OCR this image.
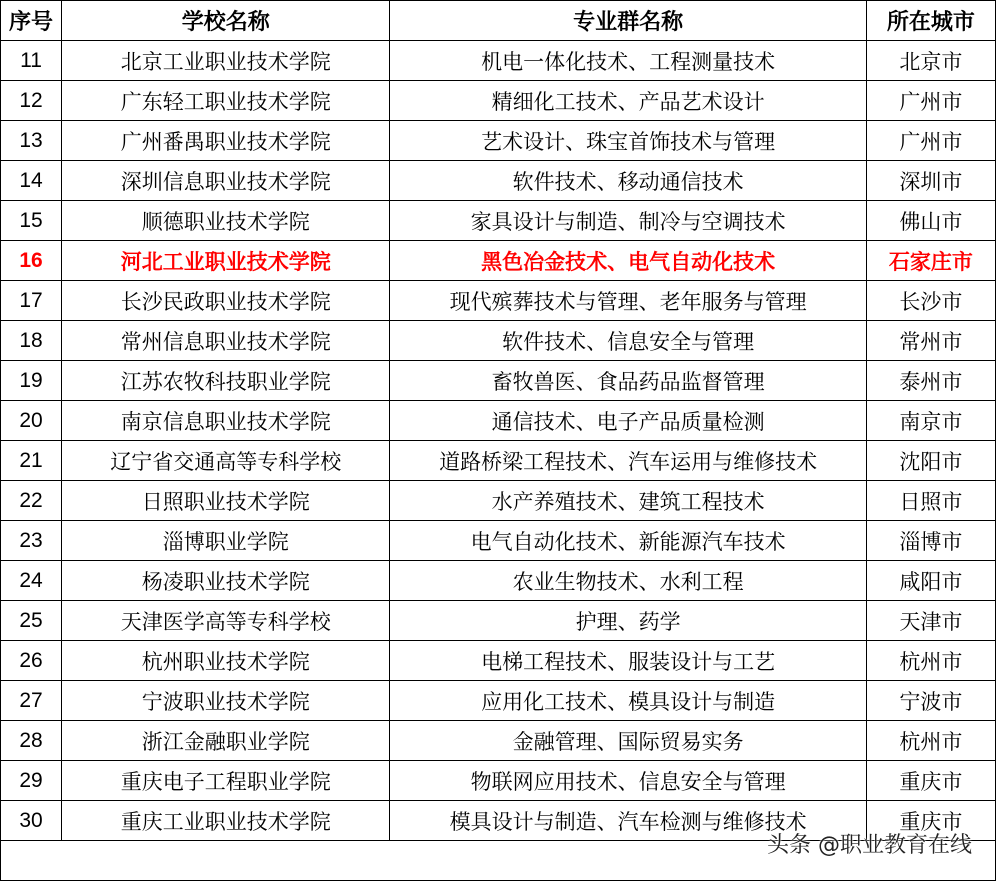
序号	学校名称	专业群名称	所在城市
11	北京工业职业技术学院	机电一体化技术、工程测量技术	北京市
12	广东轻工职业技术学院	精细化工技术、产品艺术设计	广州市
13	广州番禺职业技术学院	艺术设计、珠宝首饰技术与管理	广州市
14	深圳信息职业技术学院	软件技术、移动通信技术	深圳市
15	顺德职业技术学院	家具设计与制造、制冷与空调技术	佛山市
16	河北工业职业技术学院	黑色冶金技术、电气自动化技术	石家庄市
17	长沙民政职业技术学院	现代殡葬技术与管理、老年服务与管理	长沙市
18	常州信息职业技术学院	软件技术、信息安全与管理	常州市
19	江苏农牧科技职业学院	畜牧兽医、食品药品监督管理	泰州市
20	南京信息职业技术学院	通信技术、电子产品质量检测	南京市
21	辽宁省交通高等专科学校	道路桥梁工程技术、汽车运用与维修技术	沈阳市
22	日照职业技术学院	水产养殖技术、建筑工程技术	日照市
23	淄博职业学院	电气自动化技术、新能源汽车技术	淄博市
24	杨凌职业技术学院	农业生物技术、水利工程	咸阳市
25	天津医学高等专科学校	护理、药学	天津市
26	杭州职业技术学院	电梯工程技术、服装设计与工艺	杭州市
27	宁波职业技术学院	应用化工技术、模具设计与制造	宁波市
28	浙江金融职业学院	金融管理、国际贸易实务	杭州市
29	重庆电子工程职业学院	物联网应用技术、信息安全与管理	重庆市
30	重庆工业职业技术学院	模具设计与制造、汽车检测与维修技术	重庆市

头条 @职业教育在线
